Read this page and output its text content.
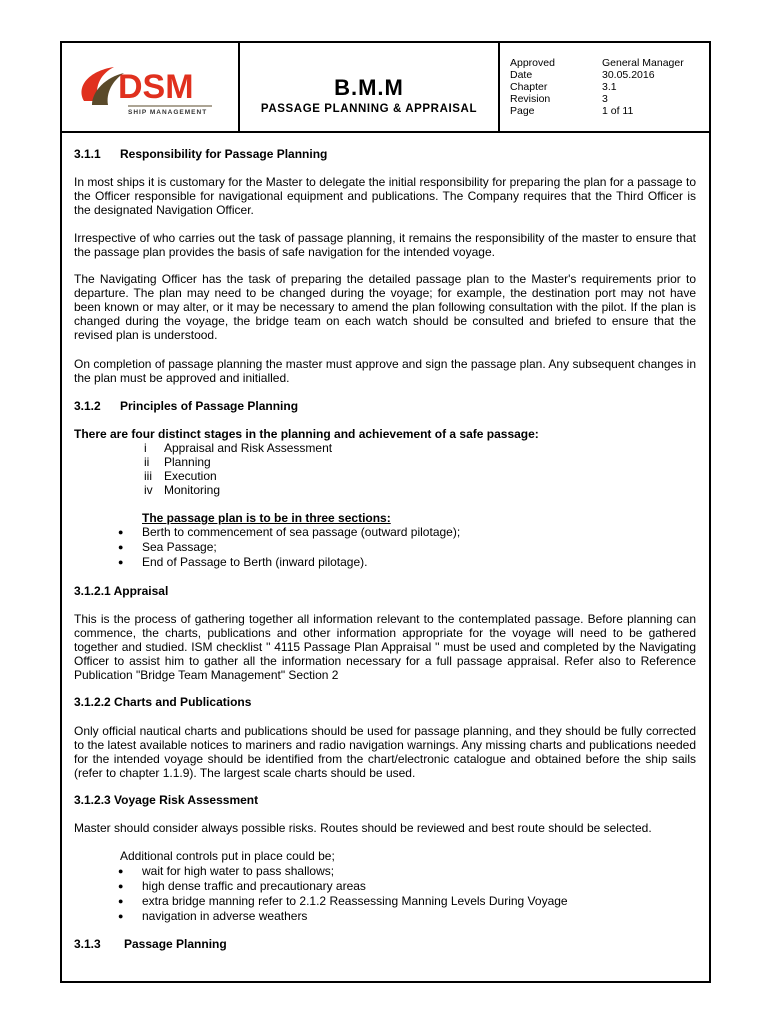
DSM
SHIP MANAGEMENT
B.M.M
PASSAGE PLANNING & APPRAISAL
Approved	General Manager
Date	30.05.2016
Chapter	3.1
Revision	3
Page	1 of 11
3.1.1 Responsibility for Passage Planning
In most ships it is customary for the Master to delegate the initial responsibility for preparing the plan for a passage to the Officer responsible for navigational equipment and publications. The Company requires that the Third Officer is the designated Navigation Officer.
Irrespective of who carries out the task of passage planning, it remains the responsibility of the master to ensure that the passage plan provides the basis of safe navigation for the intended voyage.
The Navigating Officer has the task of preparing the detailed passage plan to the Master's requirements prior to departure. The plan may need to be changed during the voyage; for example, the destination port may not have been known or may alter, or it may be necessary to amend the plan following consultation with the pilot. If the plan is changed during the voyage, the bridge team on each watch should be consulted and briefed to ensure that the revised plan is understood.
On completion of passage planning the master must approve and sign the passage plan. Any subsequent changes in the plan must be approved and initialled.
3.1.2 Principles of Passage Planning
There are four distinct stages in the planning and achievement of a safe passage:
i Appraisal and Risk Assessment
ii Planning
iii Execution
iv Monitoring
The passage plan is to be in three sections:
● Berth to commencement of sea passage (outward pilotage);
● Sea Passage;
● End of Passage to Berth (inward pilotage).
3.1.2.1 Appraisal
This is the process of gathering together all information relevant to the contemplated passage. Before planning can commence, the charts, publications and other information appropriate for the voyage will need to be gathered together and studied. ISM checklist '' 4115 Passage Plan Appraisal '' must be used and completed by the Navigating Officer to assist him to gather all the information necessary for a full passage appraisal. Refer also to Reference Publication "Bridge Team Management" Section 2
3.1.2.2 Charts and Publications
Only official nautical charts and publications should be used for passage planning, and they should be fully corrected to the latest available notices to mariners and radio navigation warnings. Any missing charts and publications needed for the intended voyage should be identified from the chart/electronic catalogue and obtained before the ship sails (refer to chapter 1.1.9). The largest scale charts should be used.
3.1.2.3 Voyage Risk Assessment
Master should consider always possible risks. Routes should be reviewed and best route should be selected.
Additional controls put in place could be;
● wait for high water to pass shallows;
● high dense traffic and precautionary areas
● extra bridge manning refer to 2.1.2 Reassessing Manning Levels During Voyage
● navigation in adverse weathers
3.1.3 Passage Planning
